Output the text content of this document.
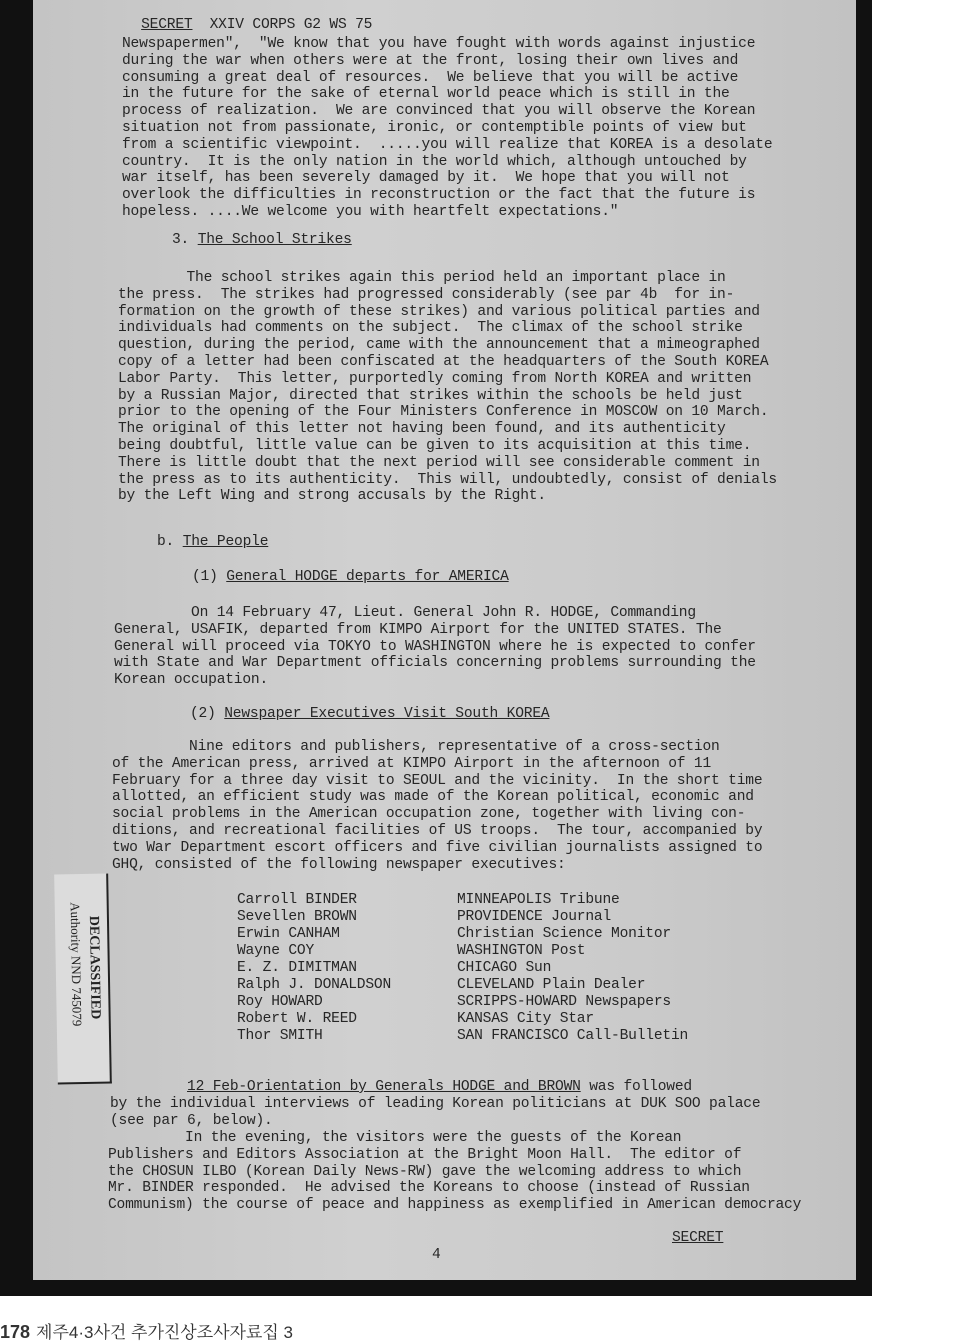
SECRET XXIV CORPS G2 WS 75

Newspapermen",  "We know that you have fought with words against injustice
during the war when others were at the front, losing their own lives and
consuming a great deal of resources.  We believe that you will be active
in the future for the sake of eternal world peace which is still in the
process of realization.  We are convinced that you will observe the Korean
situation not from passionate, ironic, or contemptible points of view but
from a scientific viewpoint.  .....you will realize that KOREA is a desolate
country.  It is the only nation in the world which, although untouched by
war itself, has been severely damaged by it.  We hope that you will not
overlook the difficulties in reconstruction or the fact that the future is
hopeless. ....We welcome you with heartfelt expectations."
3. The School Strikes
The school strikes again this period held an important place in
the press.  The strikes had progressed considerably (see par 4b  for in-
formation on the growth of these strikes) and various political parties and
individuals had comments on the subject.  The climax of the school strike
question, during the period, came with the announcement that a mimeographed
copy of a letter had been confiscated at the headquarters of the South KOREA
Labor Party.  This letter, purportedly coming from North KOREA and written
by a Russian Major, directed that strikes within the schools be held just
prior to the opening of the Four Ministers Conference in MOSCOW on 10 March.
The original of this letter not having been found, and its authenticity
being doubtful, little value can be given to its acquisition at this time.
There is little doubt that the next period will see considerable comment in
the press as to its authenticity.  This will, undoubtedly, consist of denials
by the Left Wing and strong accusals by the Right.
b. The People
(1) General HODGE departs for AMERICA
On 14 February 47, Lieut. General John R. HODGE, Commanding
General, USAFIK, departed from KIMPO Airport for the UNITED STATES. The
General will proceed via TOKYO to WASHINGTON where he is expected to confer
with State and War Department officials concerning problems surrounding the
Korean occupation.
(2) Newspaper Executives Visit South KOREA
Nine editors and publishers, representative of a cross-section
of the American press, arrived at KIMPO Airport in the afternoon of 11
February for a three day visit to SEOUL and the vicinity.  In the short time
allotted, an efficient study was made of the Korean political, economic and
social problems in the American occupation zone, together with living con-
ditions, and recreational facilities of US troops.  The tour, accompanied by
two War Department escort officers and five civilian journalists assigned to
GHQ, consisted of the following newspaper executives:
Carroll BINDER	MINNEAPOLIS Tribune
Sevellen BROWN	PROVIDENCE Journal
Erwin CANHAM	Christian Science Monitor
Wayne COY	WASHINGTON Post
E. Z. DIMITMAN	CHICAGO Sun
Ralph J. DONALDSON	CLEVELAND Plain Dealer
Roy HOWARD	SCRIPPS-HOWARD Newspapers
Robert W. REED	KANSAS City Star
Thor SMITH	SAN FRANCISCO Call-Bulletin

12 Feb-Orientation by Generals HODGE and BROWN was followed
by the individual interviews of leading Korean politicians at DUK SOO palace
(see par 6, below).

In the evening, the visitors were the guests of the Korean
Publishers and Editors Association at the Bright Moon Hall.  The editor of
the CHOSUN ILBO (Korean Daily News-RW) gave the welcoming address to which
Mr. BINDER responded.  He advised the Koreans to choose (instead of Russian
Communism) the course of peace and happiness as exemplified in American democracy
SECRET
4
DECLASSIFIED
Authority NND 745079
178 제주4·3사건 추가진상조사자료집 3
